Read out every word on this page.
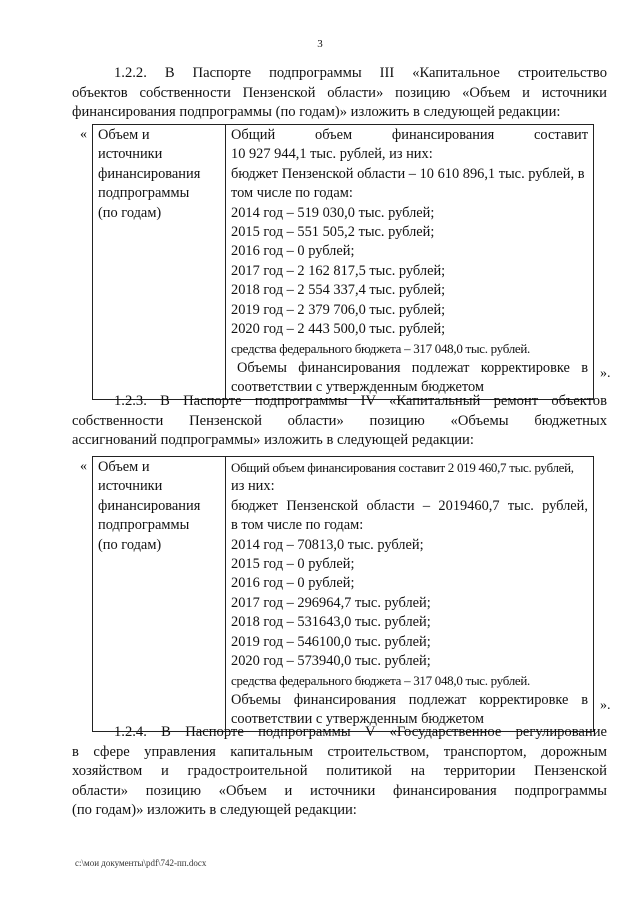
3

1.2.2. В Паспорте подпрограммы III «Капитальное строительство
объектов собственности Пензенской области» позицию «Объем и источники
финансирования подпрограммы (по годам)» изложить в следующей редакции:

« Объем и
источники
финансирования
подпрограммы
(по годам)

Общий объем финансирования составит
10 927 944,1 тыс. рублей, из них:
бюджет Пензенской области – 10 610 896,1 тыс. рублей, в
том числе по годам:
2014 год – 519 030,0 тыс. рублей;
2015 год – 551 505,2 тыс. рублей;
2016 год – 0 рублей;
2017 год – 2 162 817,5 тыс. рублей;
2018 год – 2 554 337,4 тыс. рублей;
2019 год – 2 379 706,0 тыс. рублей;
2020 год – 2 443 500,0 тыс. рублей;
средства федерального бюджета – 317 048,0 тыс. рублей.
Объемы финансирования подлежат корректировке в
соответствии с утвержденным бюджетом
».

1.2.3. В Паспорте подпрограммы IV «Капитальный ремонт объектов
собственности Пензенской области» позицию «Объемы бюджетных
ассигнований подпрограммы» изложить в следующей редакции:

« Объем и
источники
финансирования
подпрограммы
(по годам)

Общий объем финансирования составит 2 019 460,7 тыс. рублей,
из них:
бюджет Пензенской области – 2019460,7 тыс. рублей,
в том числе по годам:
2014 год – 70813,0 тыс. рублей;
2015 год – 0 рублей;
2016 год – 0 рублей;
2017 год – 296964,7 тыс. рублей;
2018 год – 531643,0 тыс. рублей;
2019 год – 546100,0 тыс. рублей;
2020 год – 573940,0 тыс. рублей;
средства федерального бюджета – 317 048,0 тыс. рублей.
Объемы финансирования подлежат корректировке в
соответствии с утвержденным бюджетом
».

1.2.4. В Паспорте подпрограммы V «Государственное регулирование
в сфере управления капитальным строительством, транспортом, дорожным
хозяйством и градостроительной политикой на территории Пензенской
области» позицию «Объем и источники финансирования подпрограммы
(по годам)» изложить в следующей редакции:

c:\мои документы\pdf\742-пп.docx
